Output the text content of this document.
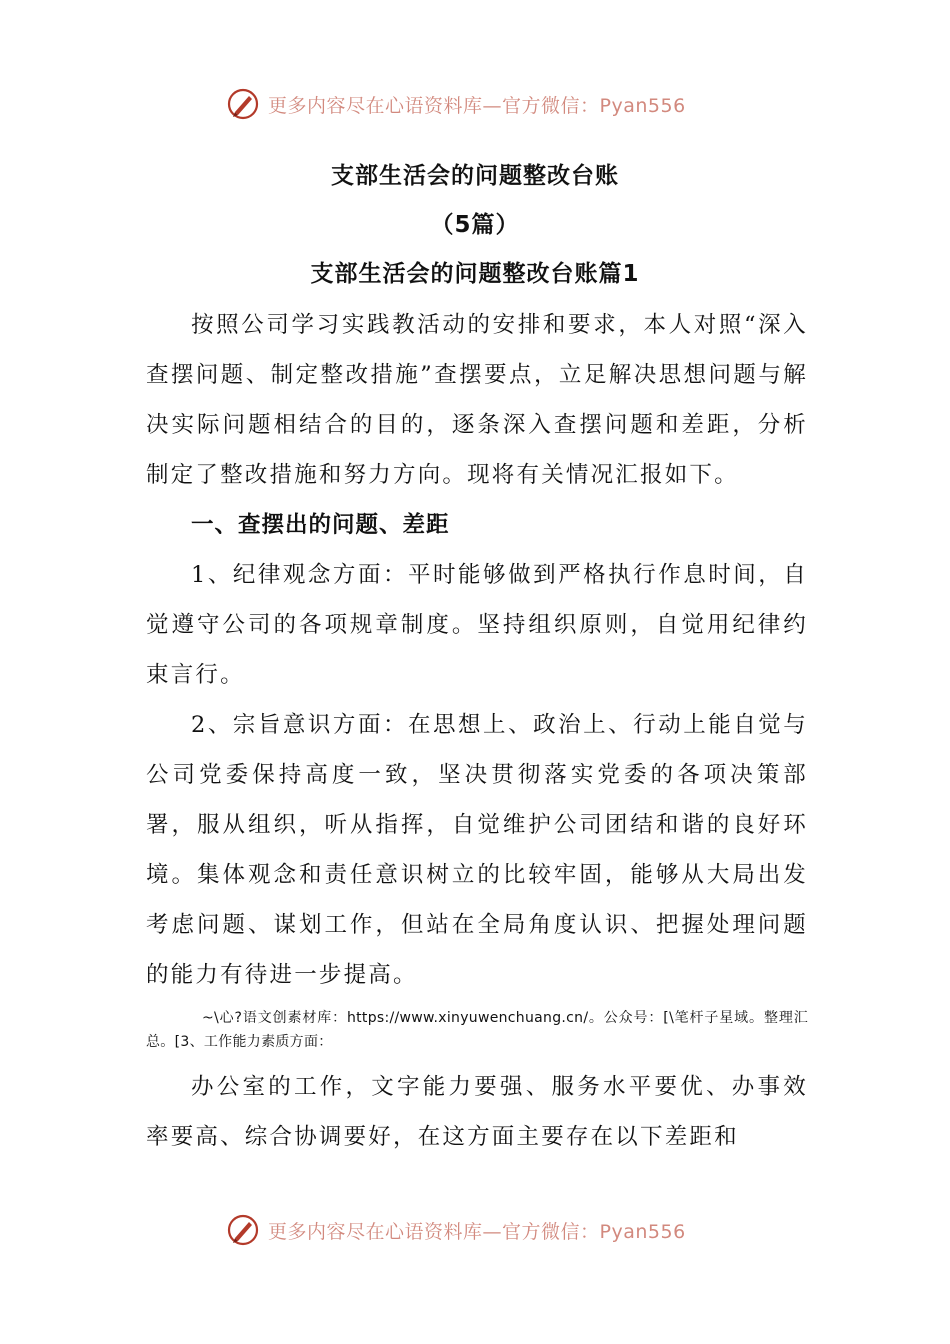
更多内容尽在心语资料库—官方微信：Pyan556
支部生活会的问题整改台账
（5篇）
支部生活会的问题整改台账篇1

按照公司学习实践教活动的安排和要求，本人对照“深入查摆问题、制定整改措施”查摆要点，立足解决思想问题与解决实际问题相结合的目的，逐条深入查摆问题和差距，分析制定了整改措施和努力方向。现将有关情况汇报如下。

一、查摆出的问题、差距

1、纪律观念方面：平时能够做到严格执行作息时间，自觉遵守公司的各项规章制度。坚持组织原则，自觉用纪律约束言行。

2、宗旨意识方面：在思想上、政治上、行动上能自觉与公司党委保持高度一致，坚决贯彻落实党委的各项决策部署，服从组织，听从指挥，自觉维护公司团结和谐的良好环境。集体观念和责任意识树立的比较牢固，能够从大局出发考虑问题、谋划工作，但站在全局角度认识、把握处理问题的能力有待进一步提高。

~\心?语文创素材库：https://www.xinyuwenchuang.cn/。公众号：[\笔杆子星域。整理汇总。[3、工作能力素质方面：

办公室的工作，文字能力要强、服务水平要优、办事效率要高、综合协调要好，在这方面主要存在以下差距和

更多内容尽在心语资料库—官方微信：Pyan556
